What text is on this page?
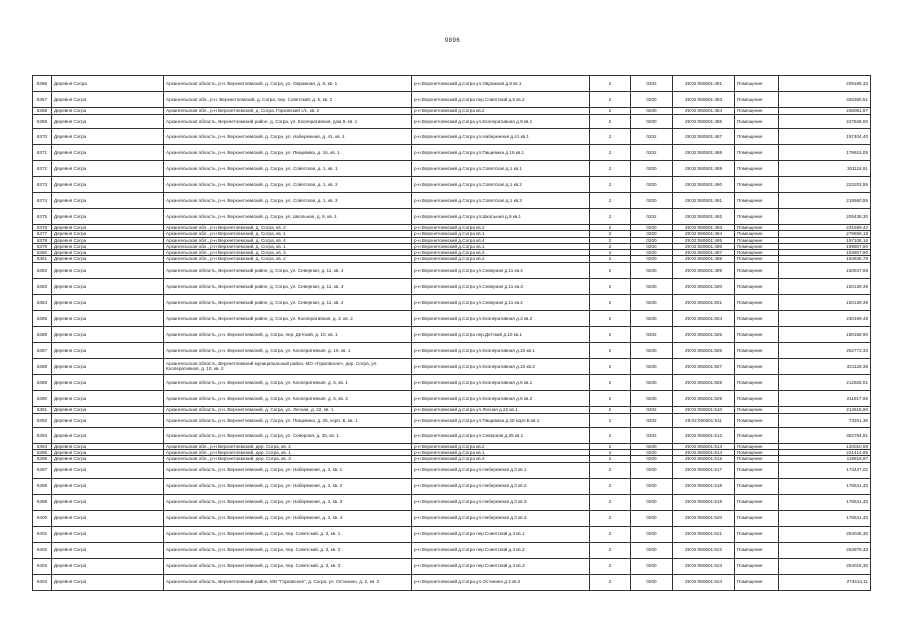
9896
6366	Деревня Сосра	Архангельская область, р-н. Верхнетоемский, д. Согра, ул. Овражная, д. 8, кв. 1	р-н Верхнетоемский д.Согра ул.Овражная д.8 кв.1	2	0202	29:02:060601:481	Помещение	209168,33
6367	Деревня Согра	Архангельская обл., р-н. Верхнетоемский, д. Согра, пер. Советский, д. 5, кв. 2	р-н Верхнетоемский д.Согра пер.Советский д.5 кв.2	2	0200	29:02:060601:483	Помещение	326360,51
6368	Деревня Согра	Архангельская обл., р-н Верхнетоемский, д. Согра, Горковский с/с, кв. 2	р-н Верхнетоемский д.Согра кв.2	2	0200	29:02:060601:484	Помещение	236081,87
6369	Деревня Согра	Архангельская область, Верхнетоемский район, д. Согра, ул. Кооперативная, дом 9, кв. 1	р-н Верхнетоемский д.Согра ул.Кооперативная д.9 кв.1	2	0200	29:02:060601:485	Помещение	247846,00
6370	Деревня Согра	Архангельская область, р-н. Верхнетоемский, д. Согра, ул. Набережная, д. 41, кв. 1	р-н Верхнетоемский д.Согра ул.Набережная д.41 кв.1	2	0202	29:02:060601:487	Помещение	197404,40
6371	Деревня Согра	Архангельская область, р-н. Верхнетоемский, д. Согра, ул. Пищевика, д. 16, кв. 1	р-н Верхнетоемский д.Согра ул.Пищевика д.16 кв.1	2	0202	29:02:060601:488	Помещение	179615,05
6372	Деревня Согра	Архангельская область, р-н. Верхнетоемский, д. Согра, ул. Советская, д. 1, кв. 1	р-н Верхнетоемский д.Согра ул.Советская д.1 кв.1	2	0200	29:02:060601:489	Помещение	301118,91
6373	Деревня Согра	Архангельская область, р-н. Верхнетоемский, д. Согра, ул. Советская, д. 1, кв. 2	р-н Верхнетоемский д.Согра ул.Советская д.1 кв.2	2	0200	29:02:060601:490	Помещение	223203,55
6374	Деревня Согра	Архангельская область, р-н. Верхнетоемский, д. Согра, ул. Советская, д. 1, кв. 3	р-н Верхнетоемский д.Согра ул.Советская д.1 кв.3	2	0200	29:02:060601:491	Помещение	219560,55
6375	Деревня Согра	Архангельская область, р-н. Верхнетоемский, д. Согра, ул. Школьная, д. 9, кв. 1	р-н Верхнетоемский д.Согра ул.Школьная д.9 кв.1	2	0202	29:02:060601:492	Помещение	205438,30
6376	Деревня Согра	Архангельская обл., р-н Верхнетоемский, д. Согра, кв. 2	р-н Верхнетоемский д.Согра кв.2	2	0200	29:02:060601:493	Помещение	231689,42
6377	Деревня Согра	Архангельская обл., р-н Верхнетоемский, д. Согра, кв. 1	р-н Верхнетоемский д.Согра кв.1	2	0200	29:02:060601:494	Помещение	279659,18
6378	Деревня Согра	Архангельская обл., р-н Верхнетоемский, д. Согра, кв. 4	р-н Верхнетоемский д.Согра кв.4	2	0200	29:02:060601:495	Помещение	197108,16
6379	Деревня Согра	Архангельская обл., р-н Верхнетоемский, д. Согра, кв. 1	р-н Верхнетоемский д.Согра кв.1	2	0200	29:02:060601:496	Помещение	199807,90
6380	Деревня Согра	Архангельская обл., р-н Верхнетоемский, д. Согра, кв. 3	р-н Верхнетоемский д.Согра кв.3	2	0200	29:02:060601:497	Помещение	193807,90
6381	Деревня Согра	Архангельская обл., р-н Верхнетоемский, д. Согра, кв. 2	р-н Верхнетоемский д.Согра кв.2	2	0200	29:02:060601:498	Помещение	192835,78
6382	Деревня Согра	Архангельская область, Верхнетоемский район, д. Согра, ул. Северная, д. 11, кв. 4	р-н Верхнетоемский д.Согра ул.Северная д.11 кв.4	2	0200	29:02:060601:499	Помещение	150547,68
6383	Деревня Согра	Архангельская область, Верхнетоемский район, д. Согра, ул. Северная, д. 11, кв. 3	р-н Верхнетоемский д.Согра ул.Северная д.11 кв.3	2	0200	29:02:060601:500	Помещение	150139,39
6384	Деревня Согра	Архангельская область, Верхнетоемский район, д. Согра, ул. Северная, д. 11, кв. 2	р-н Верхнетоемский д.Согра ул.Северная д.11 кв.2	2	0200	29:02:060601:501	Помещение	150139,39
6385	Деревня Согра	Архангельская область, Верхнетоемский район, д. Согра, ул. Кооперативная, д. 3, кв. 2	р-н Верхнетоемский д.Согра ул.Кооперативная д.3 кв.2	2	0200	29:02:060601:504	Помещение	230169,48
6386	Деревня Согра	Архангельская область, р-н. Верхнетоемский, д. Согра, пер. Детский, д. 10, кв. 1	р-н Верхнетоемский д.Согра пер.Детский д.10 кв.1	2	0202	29:02:060601:505	Помещение	180168,90
6387	Деревня Согра	Архангельская область, р-н. Верхнетоемский, д. Согра, ул. Кооперативная, д. 10, кв. 1	р-н Верхнетоемский д.Согра ул.Кооперативная д.10 кв.1	2	0200	29:02:060601:506	Помещение	252773,33
6388	Деревня Согра	Архангельская область, Верхнетоемский муниципальный район, МО «Горковское», дер. Согра, ул. Кооперативная, д. 10, кв. 2	р-н Верхнетоемский д.Согра ул.Кооперативная д.10 кв.2	2	0200	29:02:060601:507	Помещение	321128,38
6389	Деревня Согра	Архангельская область, р-н. Верхнетоемский, д. Согра, ул. Кооперативная, д. 5, кв. 1	р-н Верхнетоемский д.Согра ул.Кооперативная д.5 кв.1	2	0200	29:02:060601:508	Помещение	212926,01
6390	Деревня Согра	Архангельская область, р-н. Верхнетоемский, д. Согра, ул. Кооперативная, д. 5, кв. 2	р-н Верхнетоемский д.Согра ул.Кооперативная д.5 кв.2	2	0200	29:02:060601:509	Помещение	211817,65
6391	Деревня Согра	Архангельская область, р-н. Верхнетоемский, д. Согра, ул. Лесная, д. 22, кв. 1	р-н Верхнетоемский д.Согра ул.Лесная д.22 кв.1	2	0202	29:02:060601:510	Помещение	214618,90
6392	Деревня Согра	Архангельская область, р-н. Верхнетоемский, д. Согра, ул. Пищевика, д. 25, корп. Б, кв. 1	р-н Верхнетоемский д.Согра ул.Пищевика д.25 корп.Б кв.1	2	0202	29:02:060601:511	Помещение	73251,36
6393	Деревня Согра	Архангельская область, р-н. Верхнетоемский, д. Согра, ул. Северная, д. 25, кв. 1	р-н Верхнетоемский д.Согра ул.Северная д.25 кв.1	2	0202	29:02:060601:512	Помещение	362794,91
6394	Деревня Согра	Архангельская обл., р-н Верхнетоемский, дер. Согра, кв. 2	р-н Верхнетоемский д.Согра кв.2	2	0200	29:02:060601:513	Помещение	120010,69
6395	Деревня Согра	Архангельская обл., р-н Верхнетоемский, дер. Согра, кв. 1	р-н Верхнетоемский д.Согра кв.1	2	0200	29:02:060601:514	Помещение	221414,85
6396	Деревня Согра	Архангельская обл., р-н Верхнетоемский, дер. Согра, кв. 3	р-н Верхнетоемский д.Согра кв.3	2	0200	29:02:060601:515	Помещение	119518,97
6397	Деревня Согра	Архангельская область, р-н. Верхнетоемский, д. Согра, ул. Набережная, д. 3, кв. 1	р-н Верхнетоемский д.Согра ул.Набережная д.3 кв.1	2	0200	29:02:060601:517	Помещение	173437,02
6398	Деревня Согра	Архангельская область, р-н. Верхнетоемский, д. Согра, ул. Набережная, д. 3, кв. 2	р-н Верхнетоемский д.Согра ул.Набережная д.3 кв.2	2	0200	29:02:060601:518	Помещение	176541,40
6399	Деревня Согра	Архангельская область, р-н. Верхнетоемский, д. Согра, ул. Набережная, д. 3, кв. 3	р-н Верхнетоемский д.Согра ул.Набережная д.3 кв.3	2	0200	29:02:060601:519	Помещение	176541,40
6400	Деревня Согра	Архангельская область, р-н. Верхнетоемский, д. Согра, ул. Набережная, д. 3, кв. 4	р-н Верхнетоемский д.Согра ул.Набережная д.3 кв.4	2	0200	29:02:060601:520	Помещение	176541,40
6401	Деревня Согра	Архангельская область, р-н. Верхнетоемский, д. Согра, пер. Советский, д. 3, кв. 1	р-н Верхнетоемский д.Согра пер.Советский д.3 кв.1	2	0200	29:02:060601:521	Помещение	254046,30
6402	Деревня Согра	Архангельская область, р-н. Верхнетоемский, д. Согра, пер. Советский, д. 3, кв. 2	р-н Верхнетоемский д.Согра пер.Советский д.3 кв.2	2	0200	29:02:060601:522	Помещение	252879,33
6403	Деревня Согра	Архангельская область, р-н. Верхнетоемский, д. Согра, пер. Советский, д. 3, кв. 3	р-н Верхнетоемский д.Согра пер.Советский д.3 кв.3	2	0200	29:02:060601:523	Помещение	254018,30
6404	Деревня Согра	Архангельская область, Верхнетоемский район, МО "Горковское", д. Согра, ул. Останино, д. 2, кв. 2	р-н Верхнетоемский д.Согра ул.Останино д.2 кв.2	2	0200	29:02:060601:524	Помещение	273414,11
